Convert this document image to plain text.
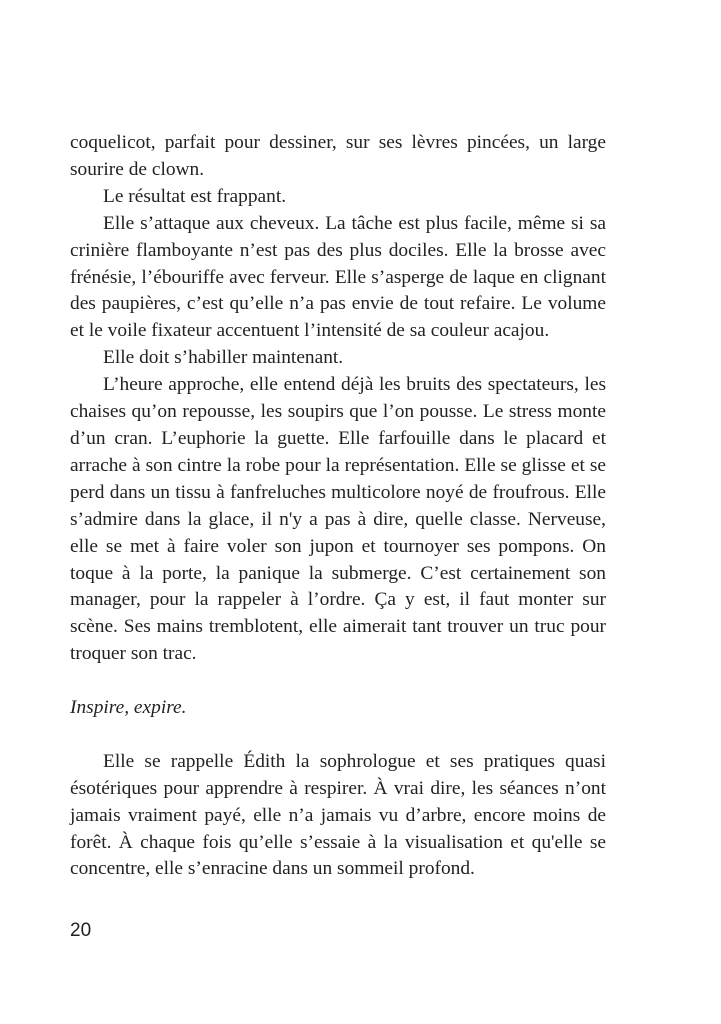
coquelicot, parfait pour dessiner, sur ses lèvres pincées, un large sourire de clown.

Le résultat est frappant.

Elle s’attaque aux cheveux. La tâche est plus facile, même si sa crinière flamboyante n’est pas des plus dociles. Elle la brosse avec frénésie, l’ébouriffe avec ferveur. Elle s’asperge de laque en clignant des paupières, c’est qu’elle n’a pas envie de tout refaire. Le volume et le voile fixateur accentuent l’intensité de sa couleur acajou.

Elle doit s’habiller maintenant.

L’heure approche, elle entend déjà les bruits des spectateurs, les chaises qu’on repousse, les soupirs que l’on pousse. Le stress monte d’un cran. L’euphorie la guette. Elle farfouille dans le placard et arrache à son cintre la robe pour la représentation. Elle se glisse et se perd dans un tissu à fanfreluches multicolore noyé de froufrous. Elle s’admire dans la glace, il n'y a pas à dire, quelle classe. Nerveuse, elle se met à faire voler son jupon et tournoyer ses pompons. On toque à la porte, la panique la submerge. C’est certainement son manager, pour la rappeler à l’ordre. Ça y est, il faut monter sur scène. Ses mains tremblotent, elle aimerait tant trouver un truc pour troquer son trac.

Inspire, expire.

Elle se rappelle Édith la sophrologue et ses pratiques quasi ésotériques pour apprendre à respirer. À vrai dire, les séances n’ont jamais vraiment payé, elle n’a jamais vu d’arbre, encore moins de forêt. À chaque fois qu’elle s’essaie à la visualisation et qu'elle se concentre, elle s’enracine dans un sommeil profond.

20
